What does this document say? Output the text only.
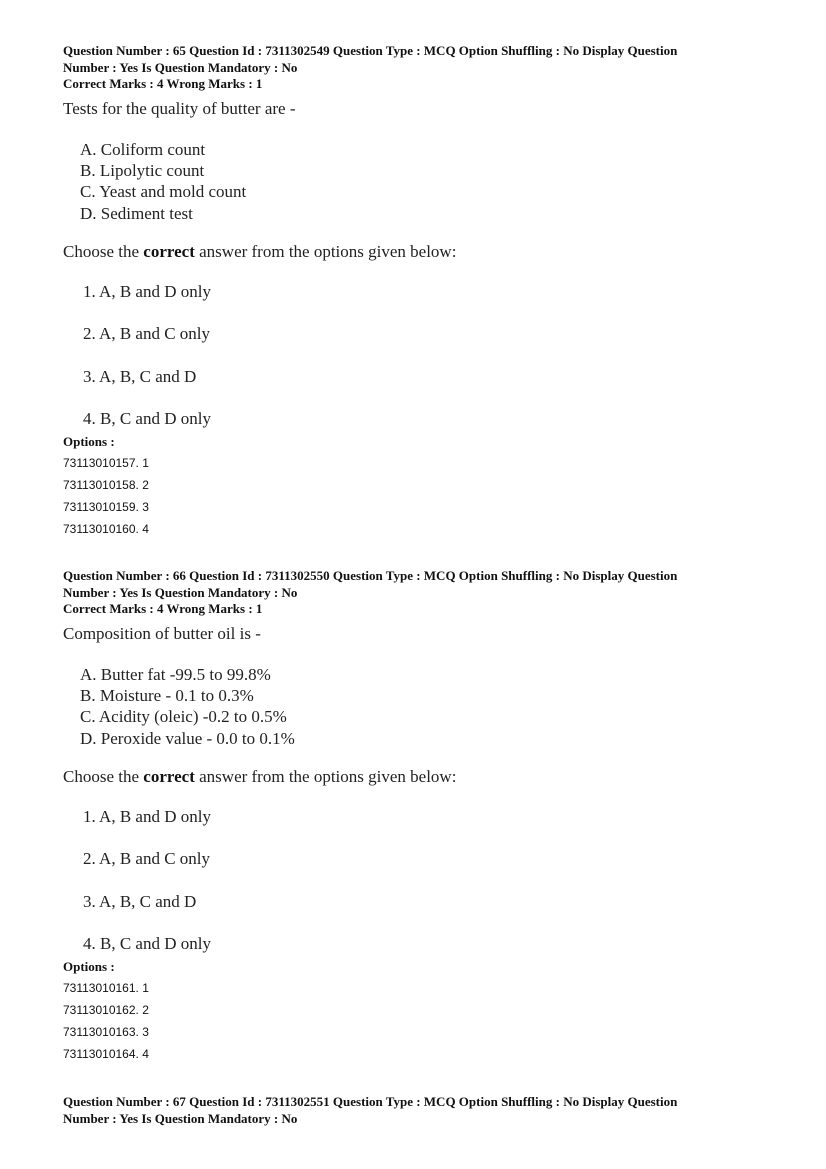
Question Number : 65 Question Id : 7311302549 Question Type : MCQ Option Shuffling : No Display Question
Number : Yes Is Question Mandatory : No
Correct Marks : 4 Wrong Marks : 1
Tests for the quality of butter are -
A. Coliform count
B. Lipolytic count
C. Yeast and mold count
D. Sediment test
Choose the correct answer from the options given below:
1. A, B and D only
2. A, B and C only
3. A, B, C and D
4. B, C and D only
Options :
73113010157. 1
73113010158. 2
73113010159. 3
73113010160. 4
Question Number : 66 Question Id : 7311302550 Question Type : MCQ Option Shuffling : No Display Question
Number : Yes Is Question Mandatory : No
Correct Marks : 4 Wrong Marks : 1
Composition of butter oil is -
A. Butter fat -99.5 to 99.8%
B. Moisture - 0.1 to 0.3%
C. Acidity (oleic) -0.2 to 0.5%
D. Peroxide value - 0.0 to 0.1%
Choose the correct answer from the options given below:
1. A, B and D only
2. A, B and C only
3. A, B, C and D
4. B, C and D only
Options :
73113010161. 1
73113010162. 2
73113010163. 3
73113010164. 4
Question Number : 67 Question Id : 7311302551 Question Type : MCQ Option Shuffling : No Display Question
Number : Yes Is Question Mandatory : No
